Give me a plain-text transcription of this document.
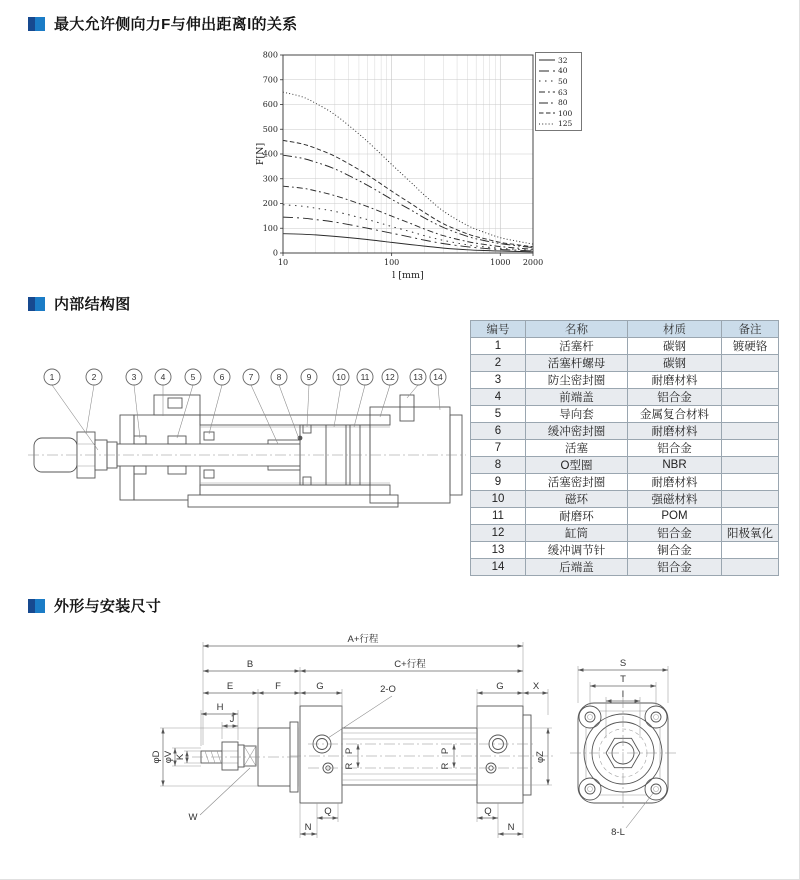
最大允许侧向力F与伸出距离l的关系
0
100
200
300
400
500
600
700
800
10	100	1000 2000
l [mm]
F[N]
32
40
50
63
80
100
125
内部结构图
1	2	3	4	5	6	7	8	9	10 11 12 13 14
编号	名称	材质	备注
1	活塞杆	碳钢	镀硬铬
2	活塞杆螺母	碳钢	
3	防尘密封圈	耐磨材料	
4	前端盖	铝合金	
5	导向套	金属复合材料	
6	缓冲密封圈	耐磨材料	
7	活塞	铝合金	
8	O型圈	NBR	
9	活塞密封圈	耐磨材料	
10	磁环	强磁材料	
11	耐磨环	POM	
12	缸筒	铝合金	阳极氧化
13	缓冲调节针	铜合金	
14	后端盖	铝合金	
外形与安装尺寸
A+行程
B	C+行程
E	F	G	G	X
H
J
2-O
φD φV K
W
P
R
P
R
φZ
Q
N
Q
N
S
T
I
8-L
